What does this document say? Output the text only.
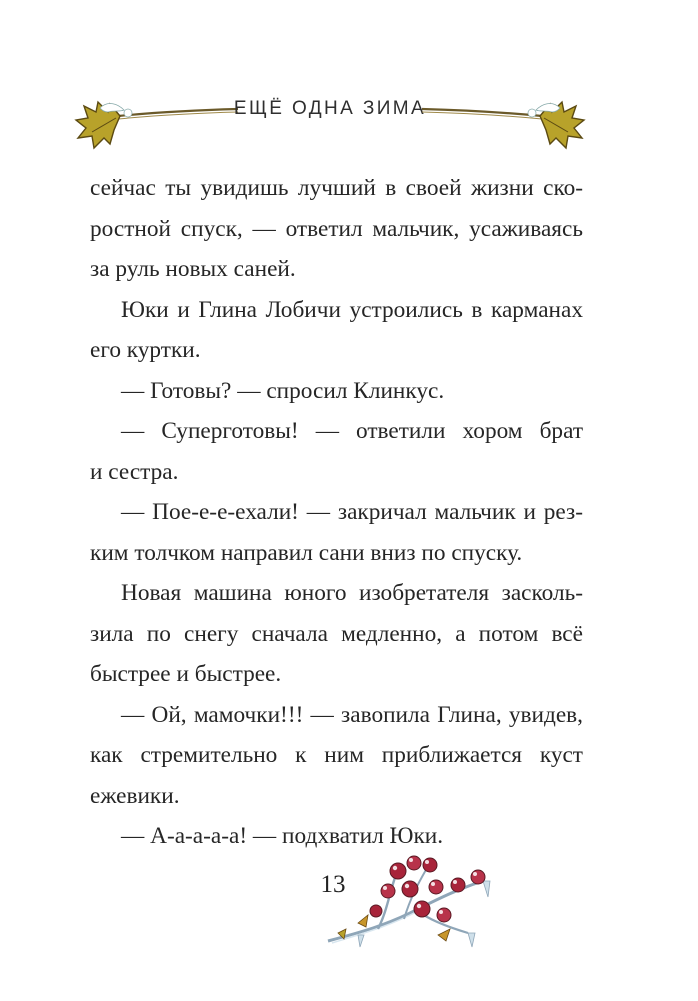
ЕЩЁ ОДНА ЗИМА
сейчас ты увидишь лучший в своей жизни ско-
ростной спуск, — ответил мальчик, усаживаясь
за руль новых саней.
Юки и Глина Лобичи устроились в карманах
его куртки.
— Готовы? — спросил Клинкус.
— Суперготовы! — ответили хором брат
и сестра.
— Пое-е-е-ехали! — закричал мальчик и рез-
ким толчком направил сани вниз по спуску.
Новая машина юного изобретателя засколь-
зила по снегу сначала медленно, а потом всё
быстрее и быстрее.
— Ой, мамочки!!! — завопила Глина, увидев,
как стремительно к ним приближается куст
ежевики.
— А-а-а-а-а! — подхватил Юки.
13
